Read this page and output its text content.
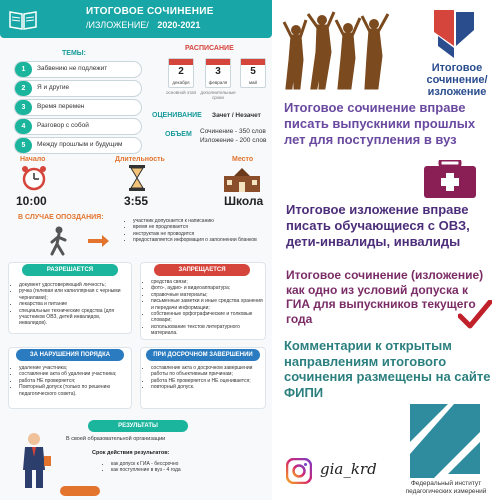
ИТОГОВОЕ СОЧИНЕНИЕ
/ИЗЛОЖЕНИЕ/ 2020-2021
ТЕМЫ:
1	Забвению не подлежит
2	Я и другие
3	Время перемен
4	Разговор с собой
5	Между прошлым и будущим
РАСПИСАНИЕ
2
декабря
основной этап
3
февраля
дополнительные сроки
5
май
ОЦЕНИВАНИЕ Зачет / Незачет
ОБЪЕМ Сочинение - 350 слов
Изложение - 200 слов
Начало
10:00
Длительность
3:55
Место
Школа
В СЛУЧАЕ ОПОЗДАНИЯ:
•	участник допускается к написанию
• время не продлевается
• инструктаж не проводится
• предоставляется информация о заполнении бланков
РАЗРЕШАЕТСЯ
• документ удостоверяющий личность;
• ручка (гелевая или капиллярная с черными чернилами);
• лекарства и питание
• специальные технические средства (для участников ОВЗ, детей инвалидов, инвалидов).
ЗАПРЕЩАЕТСЯ
• средства связи;
• фото-, аудио- и видеоаппаратура;
• справочные материалы;
• письменные заметки и иные средства хранения и передачи информации;
• собственные орфографические и толковые словари;
• использование текстов литературного материала.
ЗА НАРУШЕНИЯ ПОРЯДКА
• удаление участника;
• составление акта об удалении участника;
• работа НЕ проверяется;
• Повторный допуск (только по решению педагогического совета).
ПРИ ДОСРОЧНОМ ЗАВЕРШЕНИИ
• составление акта о досрочном завершении работы по объективным причинам;
• работа НЕ проверяется и НЕ оценивается;
• повторный допуск.
РЕЗУЛЬТАТЫ
В своей образовательной организации
Срок действия результатов:
• как допуск к ГИА - бессрочно
• как поступление в вуз - 4 года
Итоговое
сочинение/
изложение
Итоговое сочинение вправе писать выпускники прошлых лет для поступления в вуз
Итоговое изложение вправе писать обучающиеся с ОВЗ, дети-инвалиды, инвалиды
Итоговое сочинение (изложение) как одно из условий допуска к ГИА для выпускников текущего года
Комментарии к открытым направлениям итогового сочинения размещены на сайте ФИПИ
gia_krd
Федеральный институт
педагогических измерений
